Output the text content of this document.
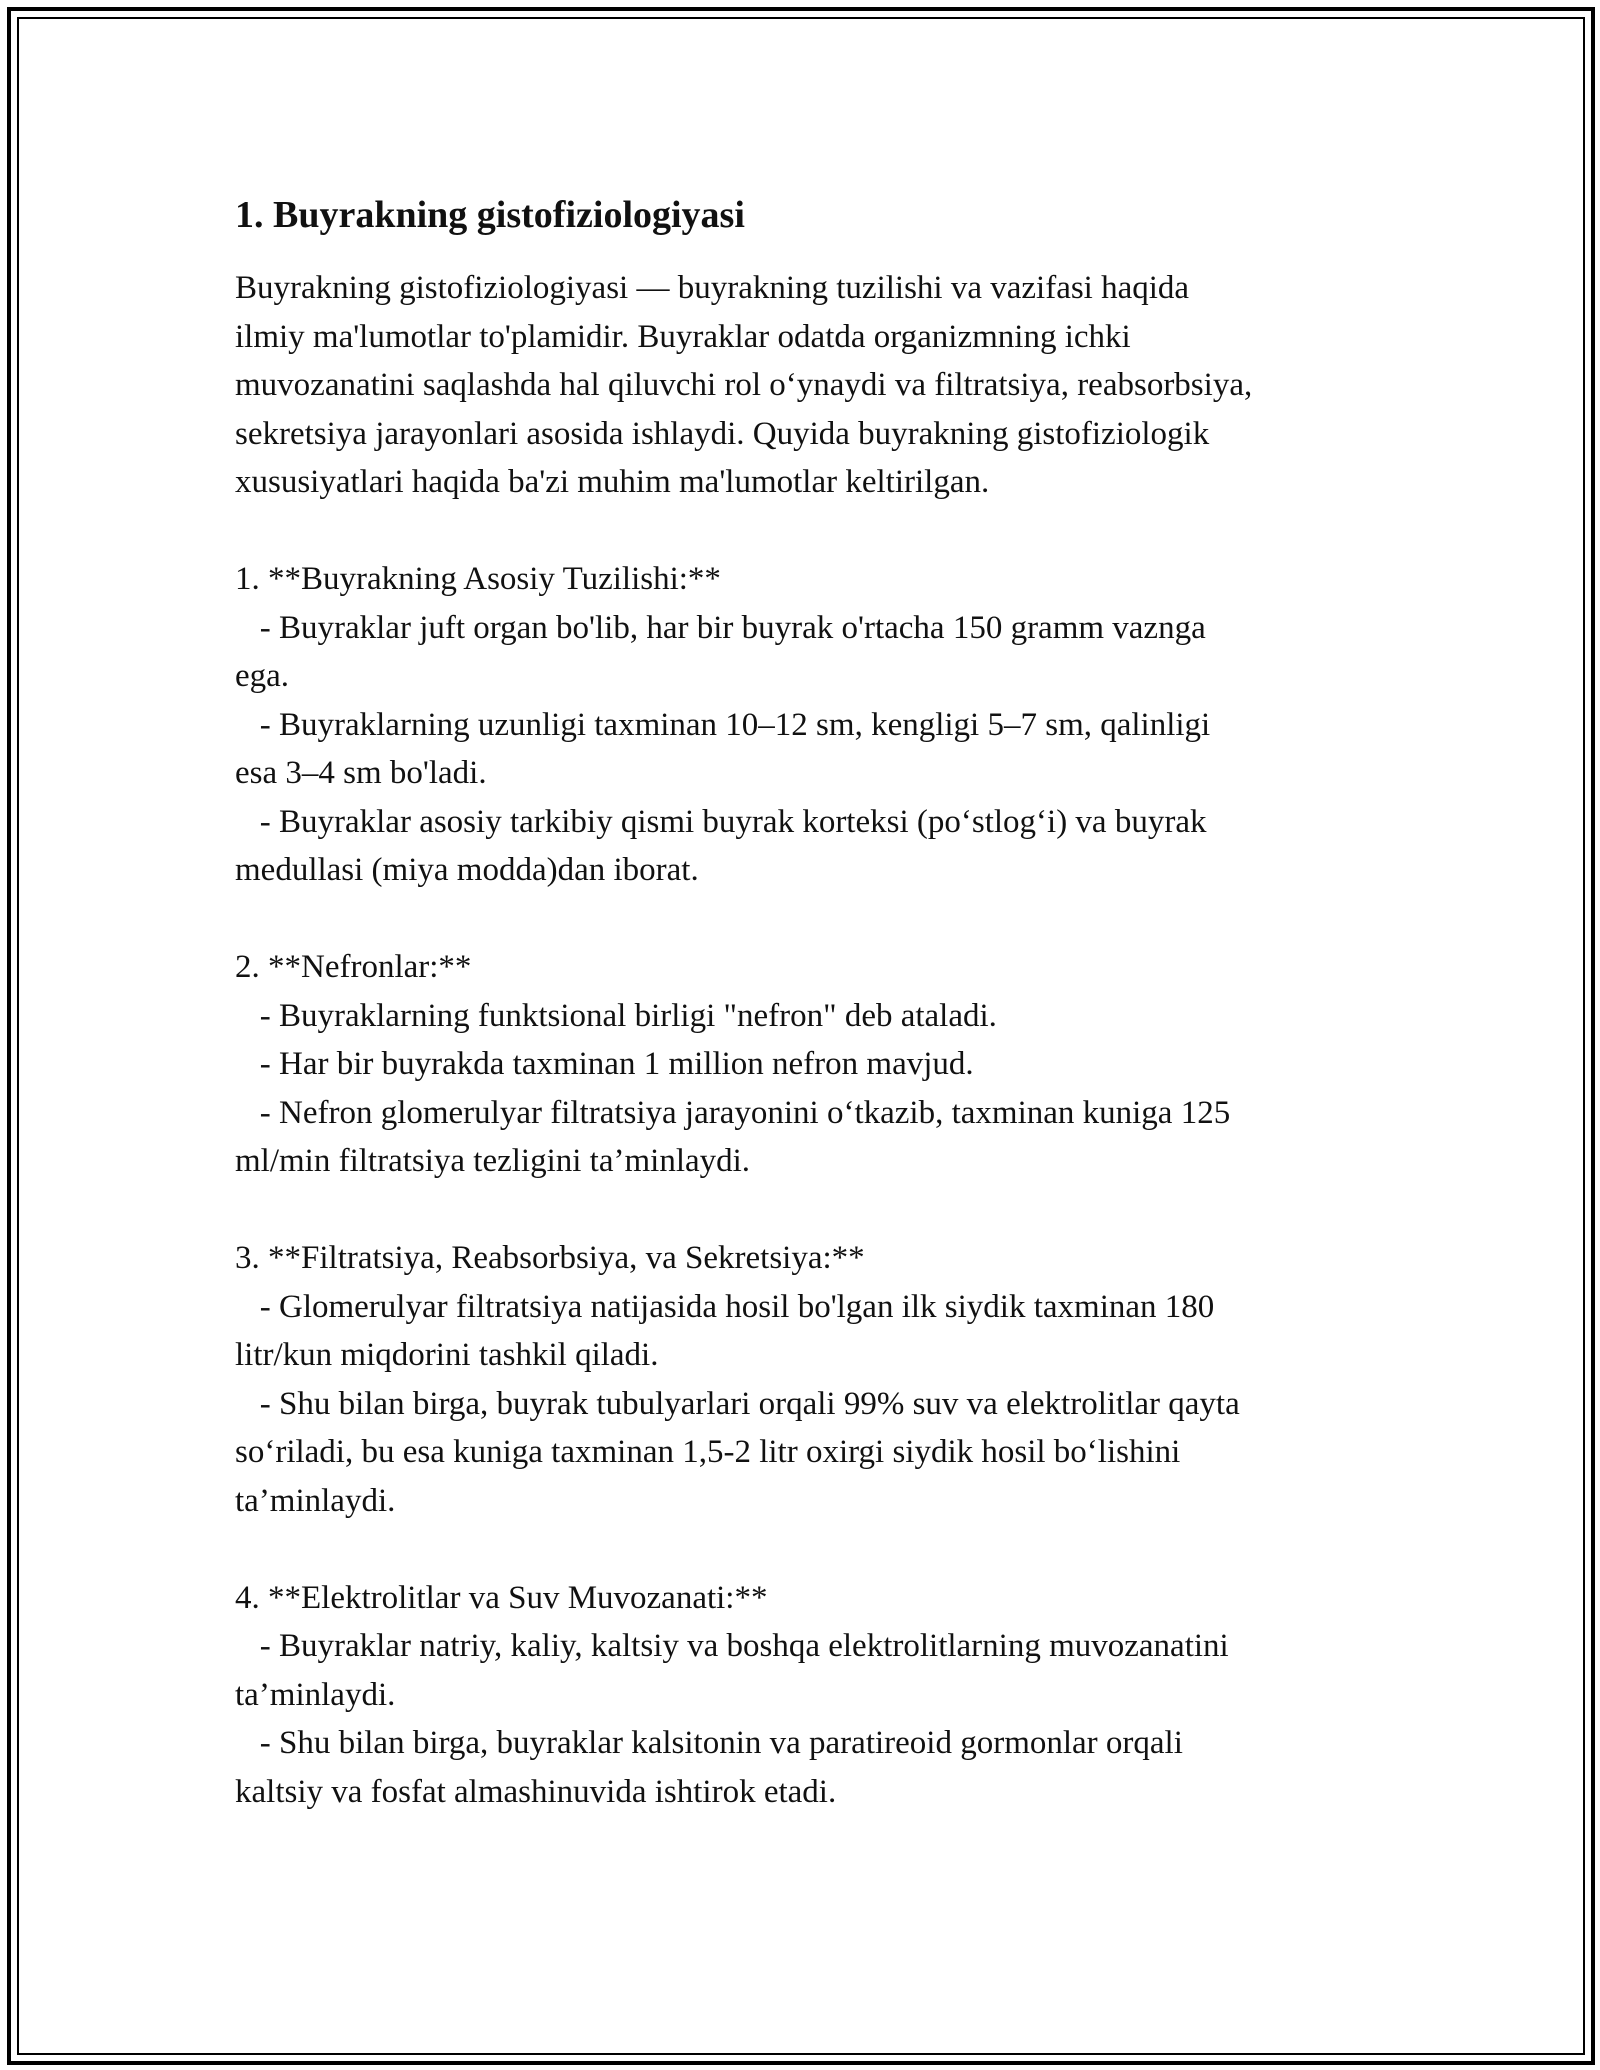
1. Buyrakning gistofiziologiyasi
Buyrakning gistofiziologiyasi — buyrakning tuzilishi va vazifasi haqida
ilmiy ma'lumotlar to'plamidir. Buyraklar odatda organizmning ichki
muvozanatini saqlashda hal qiluvchi rol o‘ynaydi va filtratsiya, reabsorbsiya,
sekretsiya jarayonlari asosida ishlaydi. Quyida buyrakning gistofiziologik
xususiyatlari haqida ba'zi muhim ma'lumotlar keltirilgan.
1. **Buyrakning Asosiy Tuzilishi:**
- Buyraklar juft organ bo'lib, har bir buyrak o'rtacha 150 gramm vaznga
ega.
- Buyraklarning uzunligi taxminan 10–12 sm, kengligi 5–7 sm, qalinligi
esa 3–4 sm bo'ladi.
- Buyraklar asosiy tarkibiy qismi buyrak korteksi (po‘stlog‘i) va buyrak
medullasi (miya modda)dan iborat.
2. **Nefronlar:**
- Buyraklarning funktsional birligi "nefron" deb ataladi.
- Har bir buyrakda taxminan 1 million nefron mavjud.
- Nefron glomerulyar filtratsiya jarayonini o‘tkazib, taxminan kuniga 125
ml/min filtratsiya tezligini ta’minlaydi.
3. **Filtratsiya, Reabsorbsiya, va Sekretsiya:**
- Glomerulyar filtratsiya natijasida hosil bo'lgan ilk siydik taxminan 180
litr/kun miqdorini tashkil qiladi.
- Shu bilan birga, buyrak tubulyarlari orqali 99% suv va elektrolitlar qayta
so‘riladi, bu esa kuniga taxminan 1,5-2 litr oxirgi siydik hosil bo‘lishini
ta’minlaydi.
4. **Elektrolitlar va Suv Muvozanati:**
- Buyraklar natriy, kaliy, kaltsiy va boshqa elektrolitlarning muvozanatini
ta’minlaydi.
- Shu bilan birga, buyraklar kalsitonin va paratireoid gormonlar orqali
kaltsiy va fosfat almashinuvida ishtirok etadi.
